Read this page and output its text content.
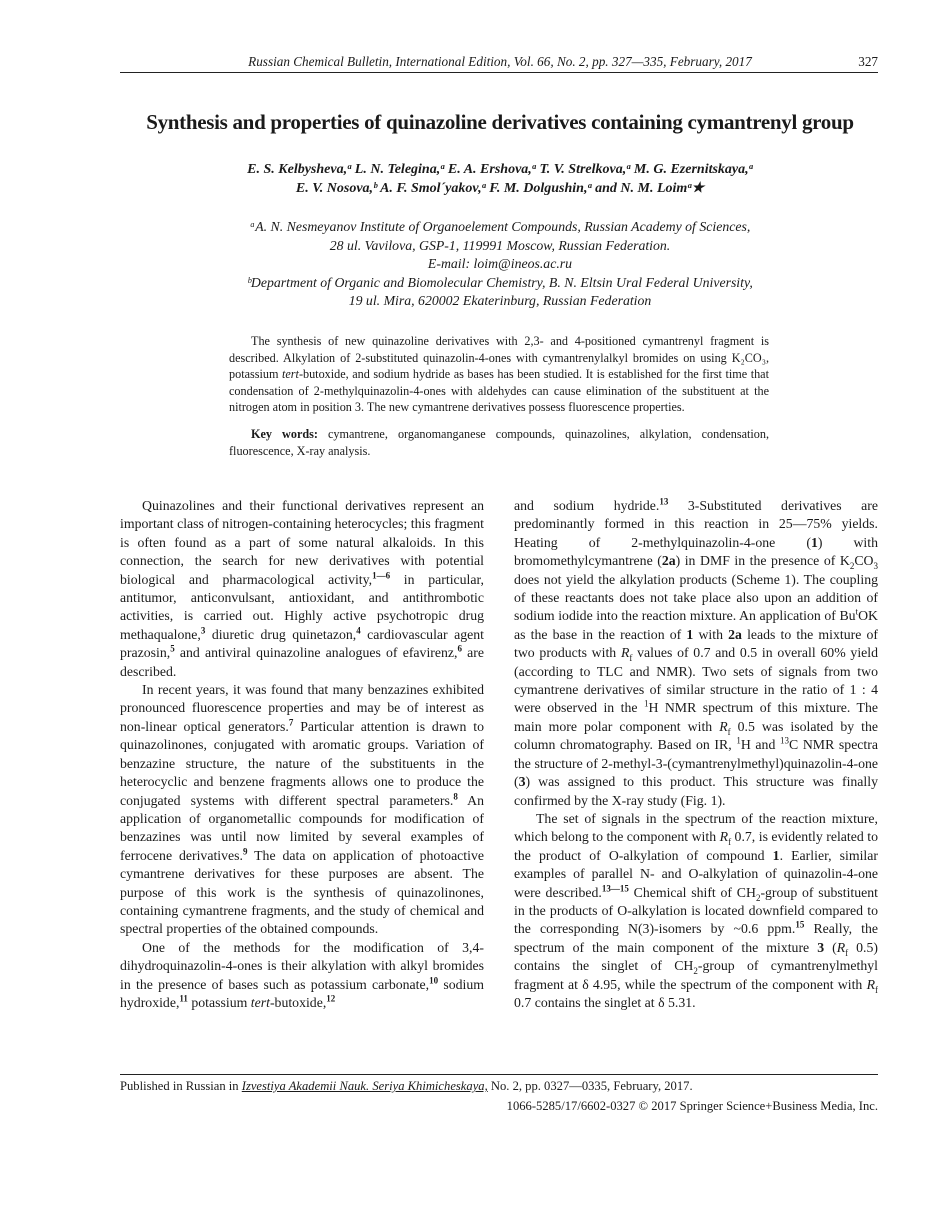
Russian Chemical Bulletin, International Edition, Vol. 66, No. 2, pp. 327—335, February, 2017	327
Synthesis and properties of quinazoline derivatives containing cymantrenyl group
E. S. Kelbysheva,ᵃ L. N. Telegina,ᵃ E. A. Ershova,ᵃ T. V. Strelkova,ᵃ M. G. Ezernitskaya,ᵃ
E. V. Nosova,ᵇ A. F. Smol´yakov,ᵃ F. M. Dolgushin,ᵃ and N. M. Loimᵃ★
ᵃA. N. Nesmeyanov Institute of Organoelement Compounds, Russian Academy of Sciences,
28 ul. Vavilova, GSP-1, 119991 Moscow, Russian Federation.
E-mail: loim@ineos.ac.ru
ᵇDepartment of Organic and Biomolecular Chemistry, B. N. Eltsin Ural Federal University,
19 ul. Mira, 620002 Ekaterinburg, Russian Federation

The synthesis of new quinazoline derivatives with 2,3- and 4-positioned cymantrenyl fragment is described. Alkylation of 2-substituted quinazolin-4-ones with cymantrenylalkyl bromides on using K₂CO₃, potassium tert-butoxide, and sodium hydride as bases has been studied. It is established for the first time that condensation of 2-methylquinazolin-4-ones with aldehydes can cause elimination of the substituent at the nitrogen atom in position 3. The new cymantrene derivatives possess fluorescence properties.

Key words: cymantrene, organomanganese compounds, quinazolines, alkylation, condensation, fluorescence, X-ray analysis.

Quinazolines and their functional derivatives represent an important class of nitrogen-containing heterocycles; this fragment is often found as a part of some natural alkaloids. In this connection, the search for new derivatives with potential biological and pharmacological activity,$^{1—6}$ in particular, antitumor, anticonvulsant, antioxidant, and antithrombotic activities, is carried out. Highly active psychotropic drug methaqualone,$^3$ diuretic drug quinetazon,$^4$ cardiovascular agent prazosin,$^5$ and antiviral quinazoline analogues of efavirenz,$^6$ are described.

In recent years, it was found that many benzazines exhibited pronounced fluorescence properties and may be of interest as non-linear optical generators.$^7$ Particular attention is drawn to quinazolinones, conjugated with aromatic groups. Variation of benzazine structure, the nature of the substituents in the heterocyclic and benzene fragments allows one to produce the conjugated systems with different spectral parameters.$^8$ An application of organometallic compounds for modification of benzazines was until now limited by several examples of ferrocene derivatives.$^9$ The data on application of photoactive cymantrene derivatives for these purposes are absent. The purpose of this work is the synthesis of quinazolinones, containing cymantrene fragments, and the study of chemical and spectral properties of the obtained compounds.

One of the methods for the modification of 3,4-dihydroquinazolin-4-ones is their alkylation with alkyl bromides in the presence of bases such as potassium carbonate,$^{10}$ sodium hydroxide,$^{11}$ potassium tert-butoxide,$^{12}$

and sodium hydride.$^{13}$ 3-Substituted derivatives are predominantly formed in this reaction in 25—75% yields. Heating of 2-methylquinazolin-4-one (1) with bromomethylcymantrene (2a) in DMF in the presence of $K_2CO_3$ does not yield the alkylation products (Scheme 1). The coupling of these reactants does not take place also upon an addition of sodium iodide into the reaction mixture. An application of Bu$^t$OK as the base in the reaction of 1 with 2a leads to the mixture of two products with $R_f$ values of 0.7 and 0.5 in overall 60% yield (according to TLC and NMR). Two sets of signals from two cymantrene derivatives of similar structure in the ratio of 1 : 4 were observed in the $^1$H NMR spectrum of this mixture. The main more polar component with $R_f$ 0.5 was isolated by the column chromatography. Based on IR, $^1$H and $^{13}$C NMR spectra the structure of 2-methyl-3-(cymantrenylmethyl)quinazolin-4-one (3) was assigned to this product. This structure was finally confirmed by the X-ray study (Fig. 1).

The set of signals in the spectrum of the reaction mixture, which belong to the component with $R_f$ 0.7, is evidently related to the product of O-alkylation of compound 1. Earlier, similar examples of parallel N- and O-alkylation of quinazolin-4-one were described.$^{13—15}$ Chemical shift of $CH_2$-group of substituent in the products of O-alkylation is located downfield compared to the corresponding N(3)-isomers by ~0.6 ppm.$^{15}$ Really, the spectrum of the main component of the mixture 3 ($R_f$ 0.5) contains the singlet of $CH_2$-group of cymantrenylmethyl fragment at δ 4.95, while the spectrum of the component with $R_f$ 0.7 contains the singlet at δ 5.31.

Published in Russian in Izvestiya Akademii Nauk. Seriya Khimicheskaya, No. 2, pp. 0327—0335, February, 2017.
1066-5285/17/6602-0327 © 2017 Springer Science+Business Media, Inc.
